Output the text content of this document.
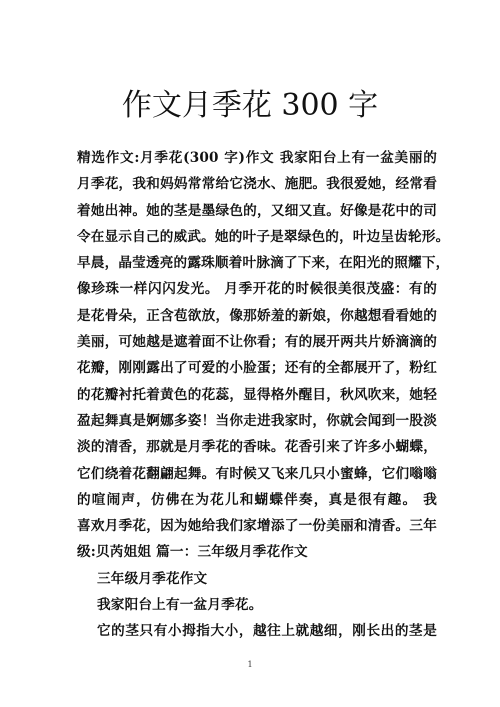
作文月季花 300 字
精选作文:月季花(300 字)作文 我家阳台上有一盆美丽的
月季花，我和妈妈常常给它浇水、施肥。我很爱她，经常看
着她出神。她的茎是墨绿色的，又细又直。好像是花中的司
令在显示自己的威武。她的叶子是翠绿色的，叶边呈齿轮形。
早晨，晶莹透亮的露珠顺着叶脉滴了下来，在阳光的照耀下，
像珍珠一样闪闪发光。 月季开花的时候很美很茂盛：有的
是花骨朵，正含苞欲放，像那娇羞的新娘，你越想看看她的
美丽，可她越是遮着面不让你看；有的展开两共片娇滴滴的
花瓣，刚刚露出了可爱的小脸蛋；还有的全都展开了，粉红
的花瓣衬托着黄色的花蕊，显得格外醒目，秋风吹来，她轻
盈起舞真是婀娜多姿！当你走进我家时，你就会闻到一股淡
淡的清香，那就是月季花的香味。花香引来了许多小蝴蝶，
它们绕着花翻翩起舞。有时候又飞来几只小蜜蜂，它们嗡嗡
的喧闹声，仿佛在为花儿和蝴蝶伴奏，真是很有趣。 我
喜欢月季花，因为她给我们家增添了一份美丽和清香。三年
级:贝芮姐姐 篇一：三年级月季花作文
三年级月季花作文
我家阳台上有一盆月季花。
它的茎只有小拇指大小，越往上就越细，刚长出的茎是
1
